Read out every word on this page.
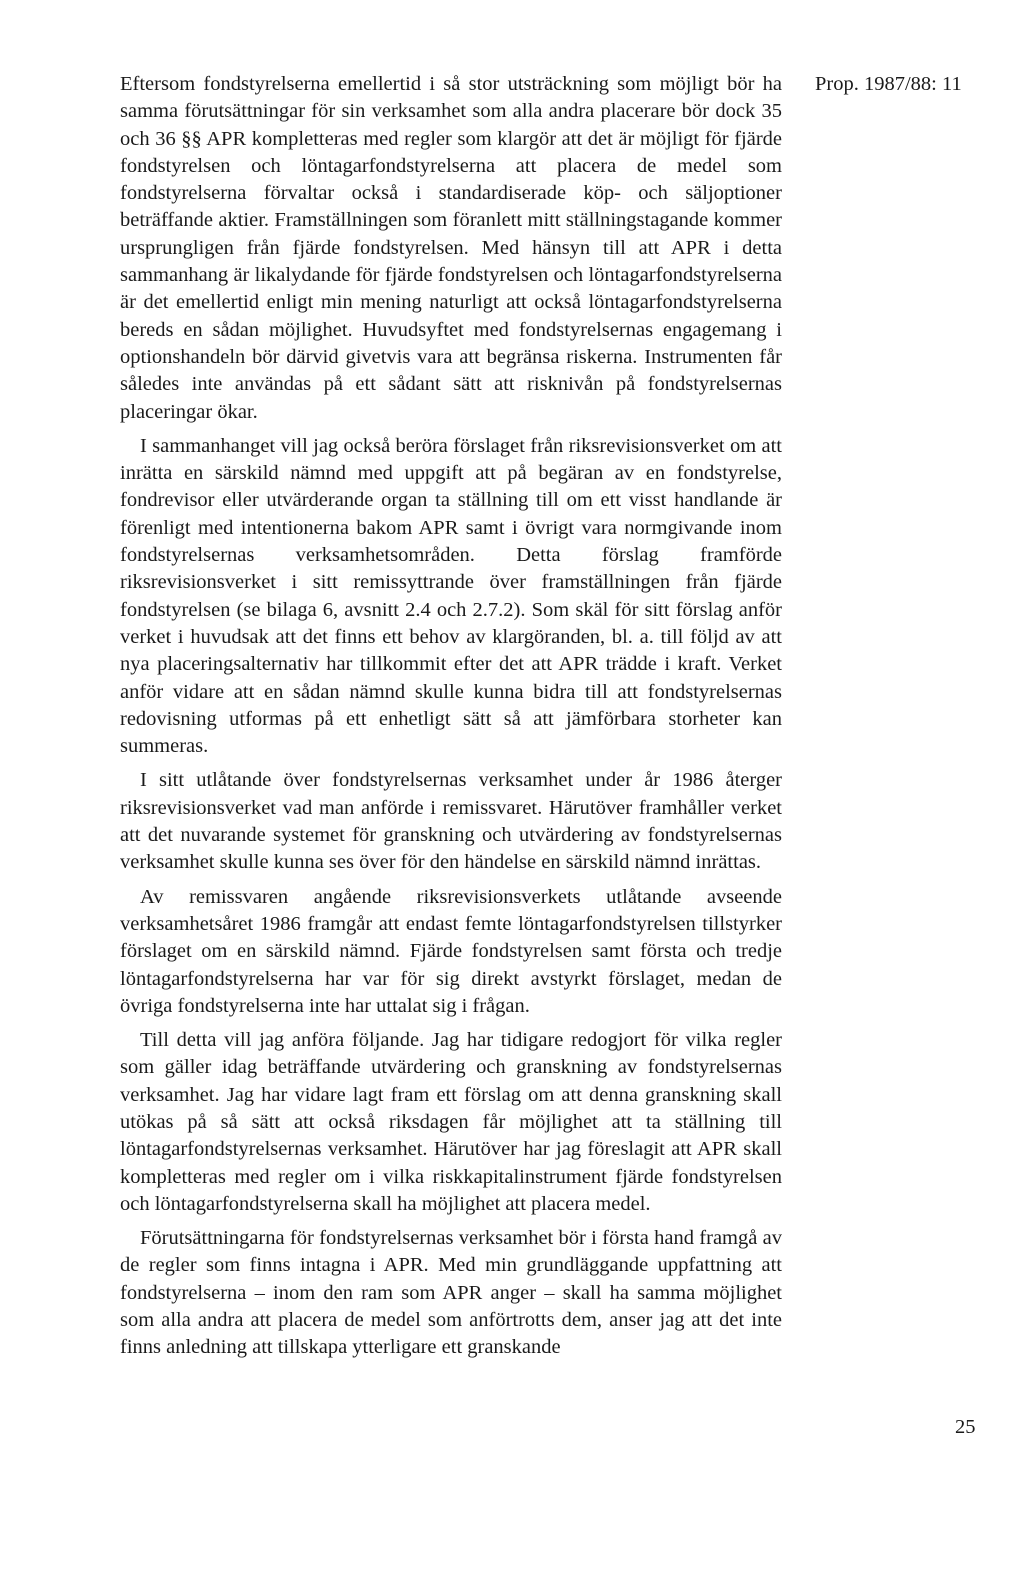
Prop. 1987/88: 11

Eftersom fondstyrelserna emellertid i så stor utsträckning som möjligt bör ha samma förutsättningar för sin verksamhet som alla andra placerare bör dock 35 och 36 §§ APR kompletteras med regler som klargör att det är möjligt för fjärde fondstyrelsen och löntagarfondstyrelserna att placera de medel som fondstyrelserna förvaltar också i standardiserade köp- och säljoptioner beträffande aktier. Framställningen som föranlett mitt ställningstagande kommer ursprungligen från fjärde fondstyrelsen. Med hänsyn till att APR i detta sammanhang är likalydande för fjärde fondstyrelsen och löntagarfondstyrelserna är det emellertid enligt min mening naturligt att också löntagarfondstyrelserna bereds en sådan möjlighet. Huvudsyftet med fondstyrelsernas engagemang i optionshandeln bör därvid givetvis vara att begränsa riskerna. Instrumenten får således inte användas på ett sådant sätt att risknivån på fondstyrelsernas placeringar ökar.

I sammanhanget vill jag också beröra förslaget från riksrevisionsverket om att inrätta en särskild nämnd med uppgift att på begäran av en fondstyrelse, fondrevisor eller utvärderande organ ta ställning till om ett visst handlande är förenligt med intentionerna bakom APR samt i övrigt vara normgivande inom fondstyrelsernas verksamhetsområden. Detta förslag framförde riksrevisionsverket i sitt remissyttrande över framställningen från fjärde fondstyrelsen (se bilaga 6, avsnitt 2.4 och 2.7.2). Som skäl för sitt förslag anför verket i huvudsak att det finns ett behov av klargöranden, bl. a. till följd av att nya placeringsalternativ har tillkommit efter det att APR trädde i kraft. Verket anför vidare att en sådan nämnd skulle kunna bidra till att fondstyrelsernas redovisning utformas på ett enhetligt sätt så att jämförbara storheter kan summeras.

I sitt utlåtande över fondstyrelsernas verksamhet under år 1986 återger riksrevisionsverket vad man anförde i remissvaret. Härutöver framhåller verket att det nuvarande systemet för granskning och utvärdering av fondstyrelsernas verksamhet skulle kunna ses över för den händelse en särskild nämnd inrättas.

Av remissvaren angående riksrevisionsverkets utlåtande avseende verksamhetsåret 1986 framgår att endast femte löntagarfondstyrelsen tillstyrker förslaget om en särskild nämnd. Fjärde fondstyrelsen samt första och tredje löntagarfondstyrelserna har var för sig direkt avstyrkt förslaget, medan de övriga fondstyrelserna inte har uttalat sig i frågan.

Till detta vill jag anföra följande. Jag har tidigare redogjort för vilka regler som gäller idag beträffande utvärdering och granskning av fondstyrelsernas verksamhet. Jag har vidare lagt fram ett förslag om att denna granskning skall utökas på så sätt att också riksdagen får möjlighet att ta ställning till löntagarfondstyrelsernas verksamhet. Härutöver har jag föreslagit att APR skall kompletteras med regler om i vilka riskkapitalinstrument fjärde fondstyrelsen och löntagarfondstyrelserna skall ha möjlighet att placera medel.

Förutsättningarna för fondstyrelsernas verksamhet bör i första hand framgå av de regler som finns intagna i APR. Med min grundläggande uppfattning att fondstyrelserna – inom den ram som APR anger – skall ha samma möjlighet som alla andra att placera de medel som anförtrotts dem, anser jag att det inte finns anledning att tillskapa ytterligare ett granskande

25
